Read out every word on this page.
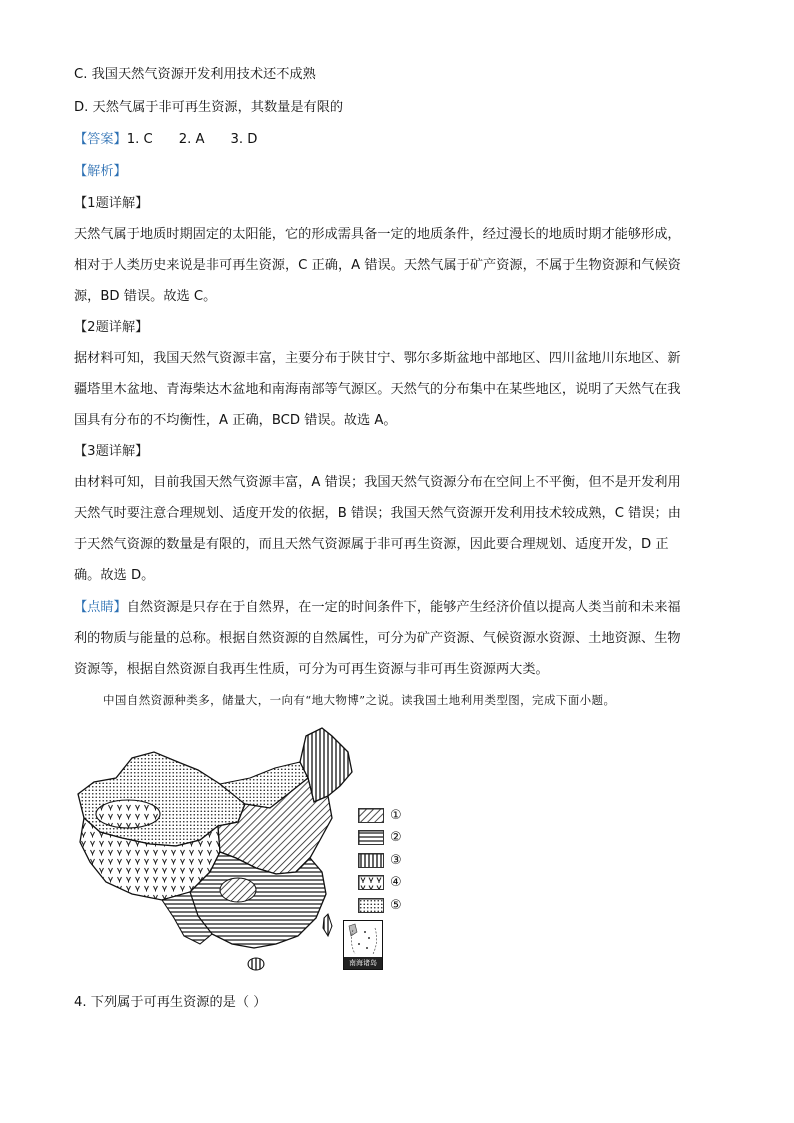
C. 我国天然气资源开发利用技术还不成熟
D. 天然气属于非可再生资源，其数量是有限的
【答案】1. C 2. A 3. D
【解析】
【1题详解】
天然气属于地质时期固定的太阳能，它的形成需具备一定的地质条件，经过漫长的地质时期才能够形成，
相对于人类历史来说是非可再生资源，C 正确，A 错误。天然气属于矿产资源，不属于生物资源和气候资
源，BD 错误。故选 C。
【2题详解】
据材料可知，我国天然气资源丰富，主要分布于陕甘宁、鄂尔多斯盆地中部地区、四川盆地川东地区、新
疆塔里木盆地、青海柴达木盆地和南海南部等气源区。天然气的分布集中在某些地区，说明了天然气在我
国具有分布的不均衡性，A 正确，BCD 错误。故选 A。
【3题详解】
由材料可知，目前我国天然气资源丰富，A 错误；我国天然气资源分布在空间上不平衡，但不是开发利用
天然气时要注意合理规划、适度开发的依据，B 错误；我国天然气资源开发利用技术较成熟，C 错误；由
于天然气资源的数量是有限的，而且天然气资源属于非可再生资源，因此要合理规划、适度开发，D 正
确。故选 D。
【点睛】自然资源是只存在于自然界，在一定的时间条件下，能够产生经济价值以提高人类当前和未来福
利的物质与能量的总称。根据自然资源的自然属性，可分为矿产资源、气候资源水资源、土地资源、生物
资源等，根据自然资源自我再生性质，可分为可再生资源与非可再生资源两大类。
中国自然资源种类多，储量大，一向有“地大物博”之说。读我国土地利用类型图，完成下面小题。
南海诸岛
①
②
③
④
⑤
4. 下列属于可再生资源的是（ ）
